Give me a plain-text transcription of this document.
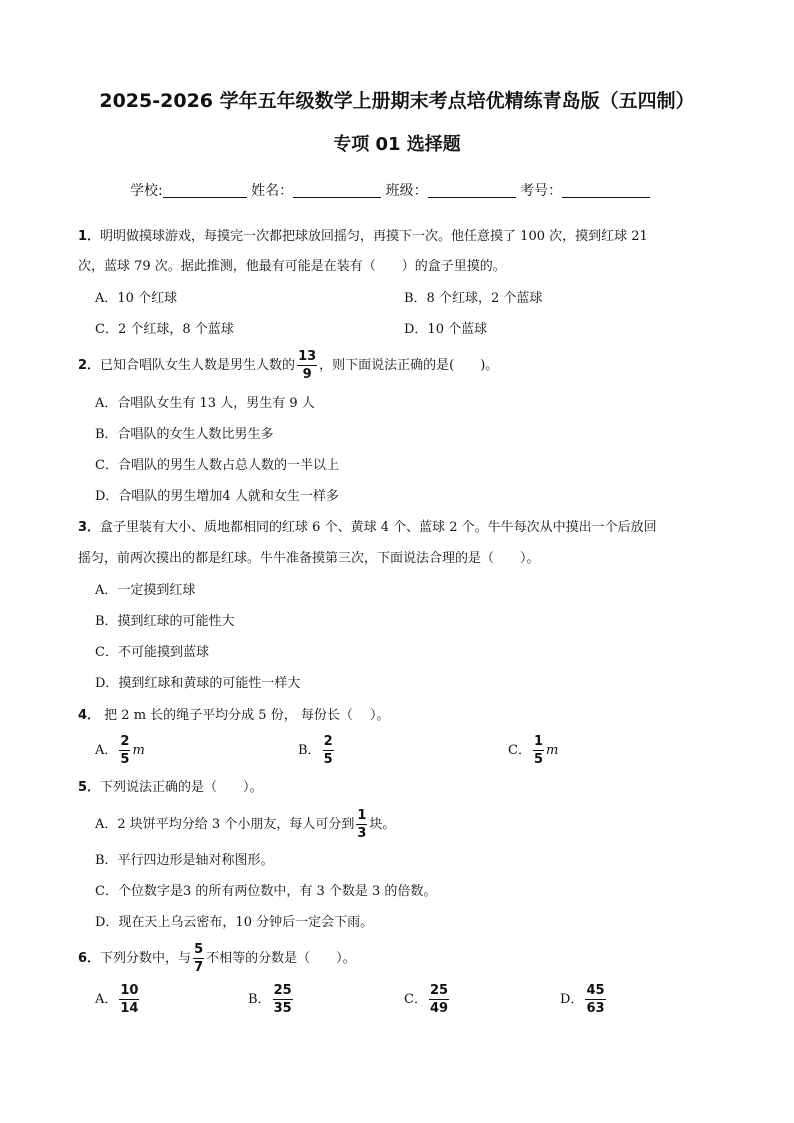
2025-2026 学年五年级数学上册期末考点培优精练青岛版（五四制）
专项 01 选择题
学校:	姓名：	班级：	考号：
1．明明做摸球游戏，每摸完一次都把球放回摇匀，再摸下一次。他任意摸了 100 次，摸到红球 21
次，蓝球 79 次。据此推测，他最有可能是在装有（　　）的盒子里摸的。
A．10 个红球	B．8 个红球，2 个蓝球
C．2 个红球，8 个蓝球	D．10 个蓝球
2．已知合唱队女生人数是男生人数的 $\frac{13}{9}$ ，则下面说法正确的是(　　)。
A．合唱队女生有 13 人，男生有 9 人
B．合唱队的女生人数比男生多
C．合唱队的男生人数占总人数的一半以上
D．合唱队的男生增加4 人就和女生一样多
3．盒子里装有大小、质地都相同的红球 6 个、黄球 4 个、蓝球 2 个。牛牛每次从中摸出一个后放回
摇匀，前两次摸出的都是红球。牛牛准备摸第三次，下面说法合理的是（　　）。
A．一定摸到红球
B．摸到红球的可能性大
C．不可能摸到蓝球
D．摸到红球和黄球的可能性一样大
4． 把 2 m 长的绳子平均分成 5 份， 每份长（　 ）。
A． $\frac{2}{5}$ m	B． $\frac{2}{5}$	C． $\frac{1}{5}$ m
5．下列说法正确的是（　　）。
A．2 块饼平均分给 3 个小朋友，每人可分到 $\frac{1}{3}$ 块。
B．平行四边形是轴对称图形。
C．个位数字是3 的所有两位数中，有 3 个数是 3 的倍数。
D．现在天上乌云密布，10 分钟后一定会下雨。
6．下列分数中，与 $\frac{5}{7}$ 不相等的分数是（　　）。
A． $\frac{10}{14}$	B． $\frac{25}{35}$	C． $\frac{25}{49}$	D． $\frac{45}{63}$
